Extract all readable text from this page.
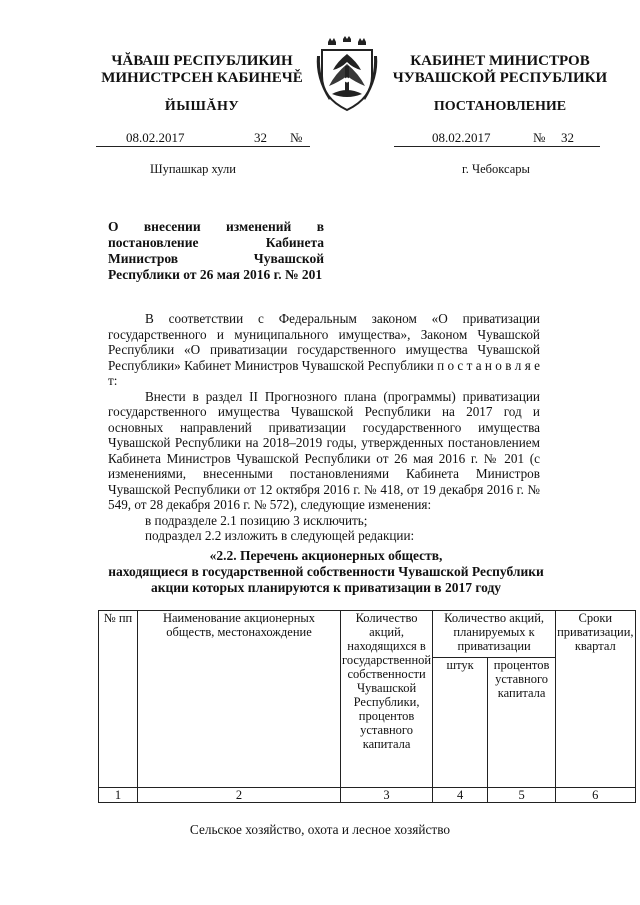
ЧĂВАШ РЕСПУБЛИКИН
МИНИСТРСЕН КАБИНЕЧĚ
ЙЫШĂНУ
КАБИНЕТ МИНИСТРОВ
ЧУВАШСКОЙ РЕСПУБЛИКИ
ПОСТАНОВЛЕНИЕ
08.02.2017	32 №	08.02.2017	№ 32
Шупашкар хули	г. Чебоксары
О внесении изменений в постановление Кабинета Министров Чувашской Республики от 26 мая 2016 г. № 201

В соответствии с Федеральным законом «О приватизации государственного и муниципального имущества», Законом Чувашской Республики «О приватизации государственного имущества Чувашской Республики» Кабинет Министров Чувашской Республики п о с т а н о в л я е т:

Внести в раздел II Прогнозного плана (программы) приватизации государственного имущества Чувашской Республики на 2017 год и основных направлений приватизации государственного имущества Чувашской Республики на 2018–2019 годы, утвержденных постановлением Кабинета Министров Чувашской Республики от 26 мая 2016 г. № 201 (с изменениями, внесенными постановлениями Кабинета Министров Чувашской Республики от 12 октября 2016 г. № 418, от 19 декабря 2016 г. № 549, от 28 декабря 2016 г. № 572), следующие изменения:

в подразделе 2.1 позицию 3 исключить;

подраздел 2.2 изложить в следующей редакции:

«2.2. Перечень акционерных обществ,
находящиеся в государственной собственности Чувашской Республики
акции которых планируются к приватизации в 2017 году
№ пп	Наименование акционерных обществ, местонахождение	Количество акций, находящихся в государственной собственности Чувашской Республики, процентов уставного капитала	Количество акций, планируемых к приватизации		Сроки приватизации, квартал
			штук	процентов уставного капитала	
1	2	3	4	5	6
Сельское хозяйство, охота и лесное хозяйство
